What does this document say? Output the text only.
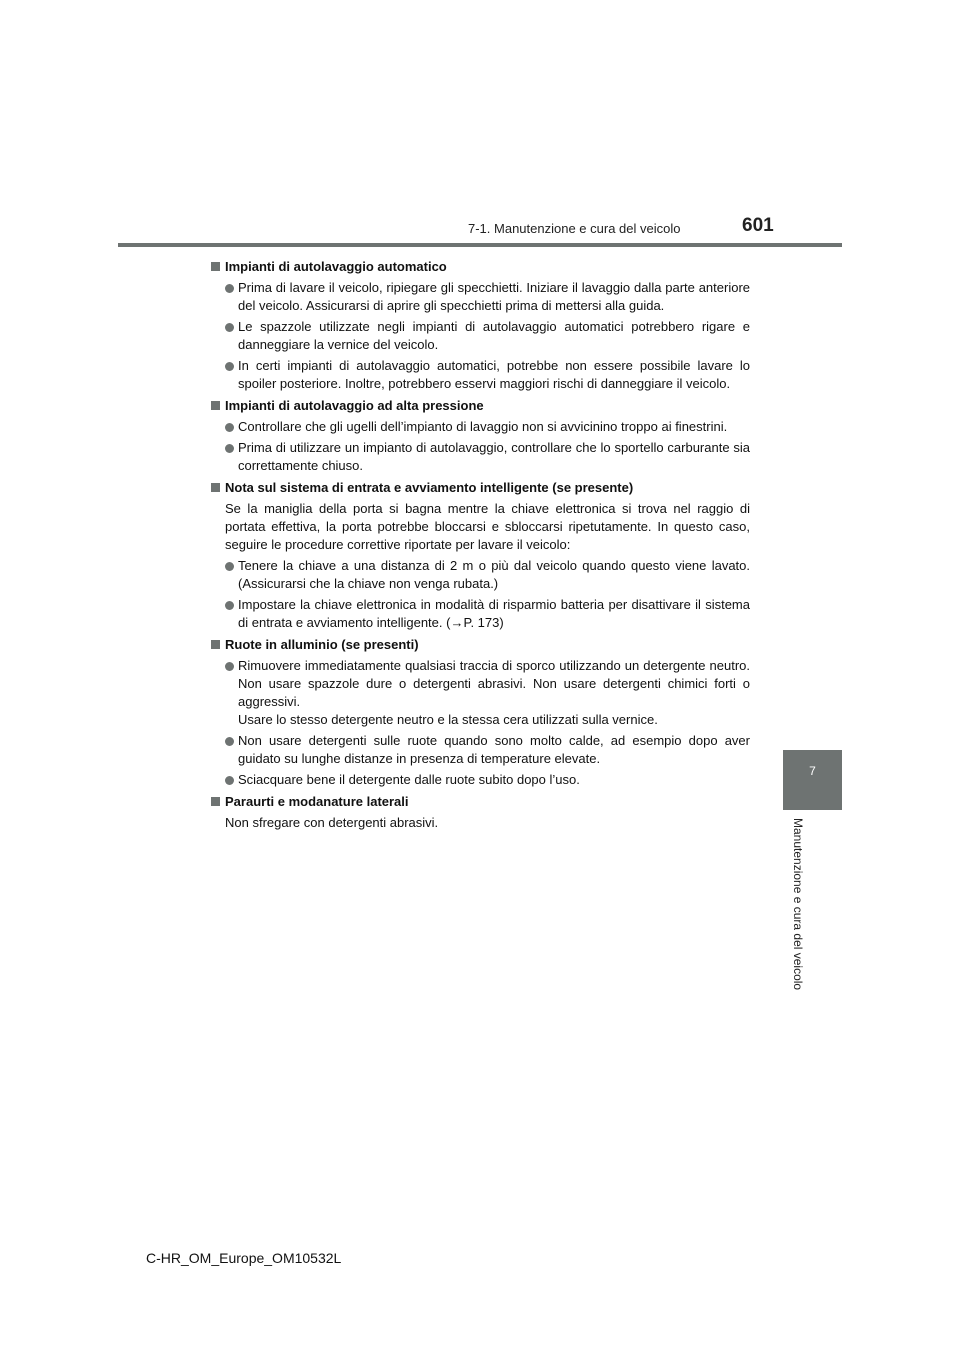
7-1. Manutenzione e cura del veicolo	601
7
Manutenzione e cura del veicolo
Impianti di autolavaggio automatico
Prima di lavare il veicolo, ripiegare gli specchietti. Iniziare il lavaggio dalla parte anteriore del veicolo. Assicurarsi di aprire gli specchietti prima di mettersi alla guida.
Le spazzole utilizzate negli impianti di autolavaggio automatici potrebbero rigare e danneggiare la vernice del veicolo.
In certi impianti di autolavaggio automatici, potrebbe non essere possibile lavare lo spoiler posteriore. Inoltre, potrebbero esservi maggiori rischi di danneggiare il veicolo.
Impianti di autolavaggio ad alta pressione
Controllare che gli ugelli dell’impianto di lavaggio non si avvicinino troppo ai finestrini.
Prima di utilizzare un impianto di autolavaggio, controllare che lo sportello carburante sia correttamente chiuso.
Nota sul sistema di entrata e avviamento intelligente (se presente)
Se la maniglia della porta si bagna mentre la chiave elettronica si trova nel raggio di portata effettiva, la porta potrebbe bloccarsi e sbloccarsi ripetutamente. In questo caso, seguire le procedure correttive riportate per lavare il veicolo:
Tenere la chiave a una distanza di 2 m o più dal veicolo quando questo viene lavato. (Assicurarsi che la chiave non venga rubata.)
Impostare la chiave elettronica in modalità di risparmio batteria per disattivare il sistema di entrata e avviamento intelligente. (→P. 173)
Ruote in alluminio (se presenti)
Rimuovere immediatamente qualsiasi traccia di sporco utilizzando un detergente neutro. Non usare spazzole dure o detergenti abrasivi. Non usare detergenti chimici forti o aggressivi.
Usare lo stesso detergente neutro e la stessa cera utilizzati sulla vernice.
Non usare detergenti sulle ruote quando sono molto calde, ad esempio dopo aver guidato su lunghe distanze in presenza di temperature elevate.
Sciacquare bene il detergente dalle ruote subito dopo l’uso.
Paraurti e modanature laterali
Non sfregare con detergenti abrasivi.
C-HR_OM_Europe_OM10532L
